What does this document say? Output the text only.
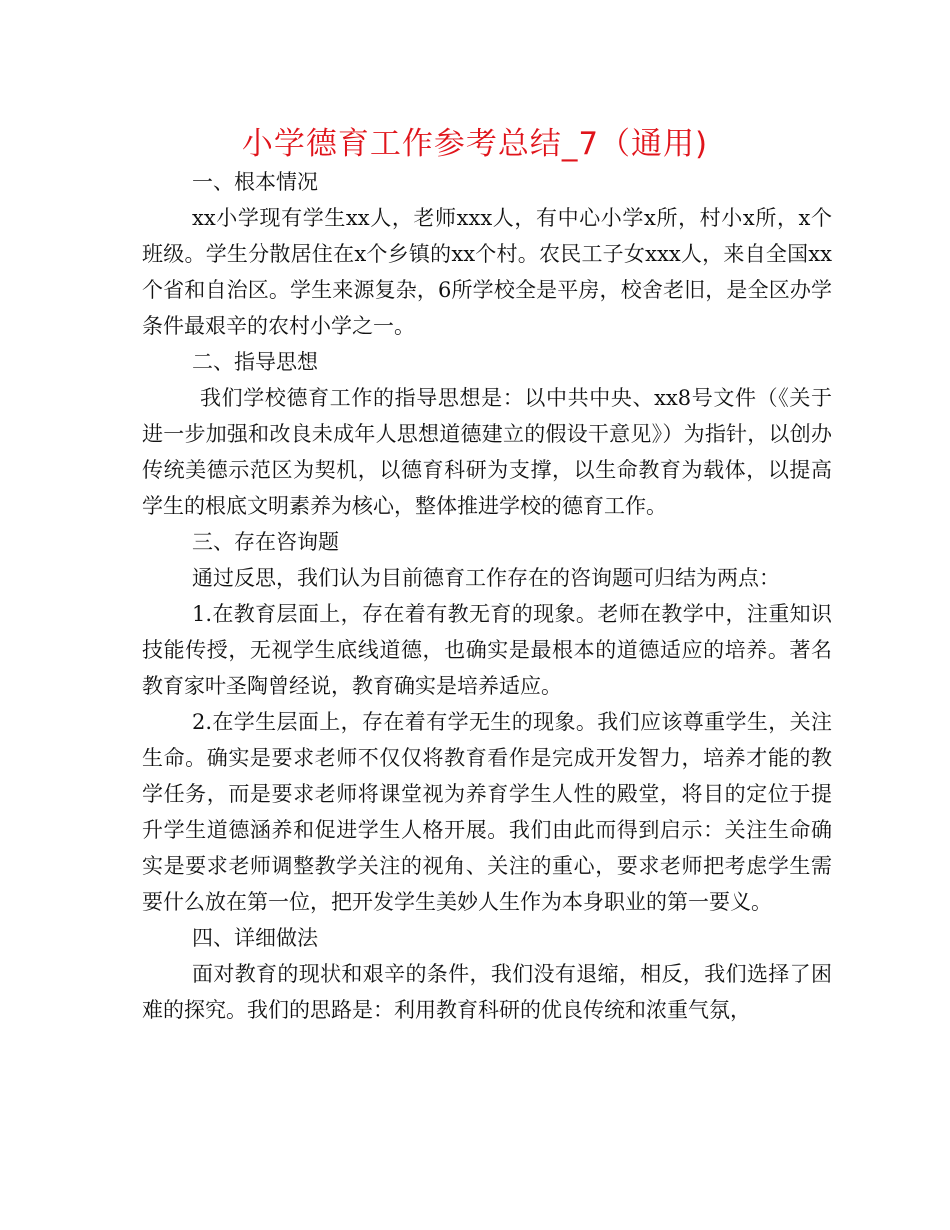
小学德育工作参考总结_7（通用)

一、根本情况

xx小学现有学生xx人，老师xxx人，有中心小学x所，村小x所，x个班级。学生分散居住在x个乡镇的xx个村。农民工子女xxx人，来自全国xx个省和自治区。学生来源复杂，6所学校全是平房，校舍老旧，是全区办学条件最艰辛的农村小学之一。

二、指导思想

我们学校德育工作的指导思想是：以中共中央、xx8号文件（《关于进一步加强和改良未成年人思想道德建立的假设干意见》）为指针，以创办传统美德示范区为契机，以德育科研为支撑，以生命教育为载体，以提高学生的根底文明素养为核心，整体推进学校的德育工作。

三、存在咨询题

通过反思，我们认为目前德育工作存在的咨询题可归结为两点：

1.在教育层面上，存在着有教无育的现象。老师在教学中，注重知识技能传授，无视学生底线道德，也确实是最根本的道德适应的培养。著名教育家叶圣陶曾经说，教育确实是培养适应。

2.在学生层面上，存在着有学无生的现象。我们应该尊重学生，关注生命。确实是要求老师不仅仅将教育看作是完成开发智力，培养才能的教学任务，而是要求老师将课堂视为养育学生人性的殿堂，将目的定位于提升学生道德涵养和促进学生人格开展。我们由此而得到启示：关注生命确实是要求老师调整教学关注的视角、关注的重心，要求老师把考虑学生需要什么放在第一位，把开发学生美妙人生作为本身职业的第一要义。

四、详细做法

面对教育的现状和艰辛的条件，我们没有退缩，相反，我们选择了困难的探究。我们的思路是：利用教育科研的优良传统和浓重气氛，
